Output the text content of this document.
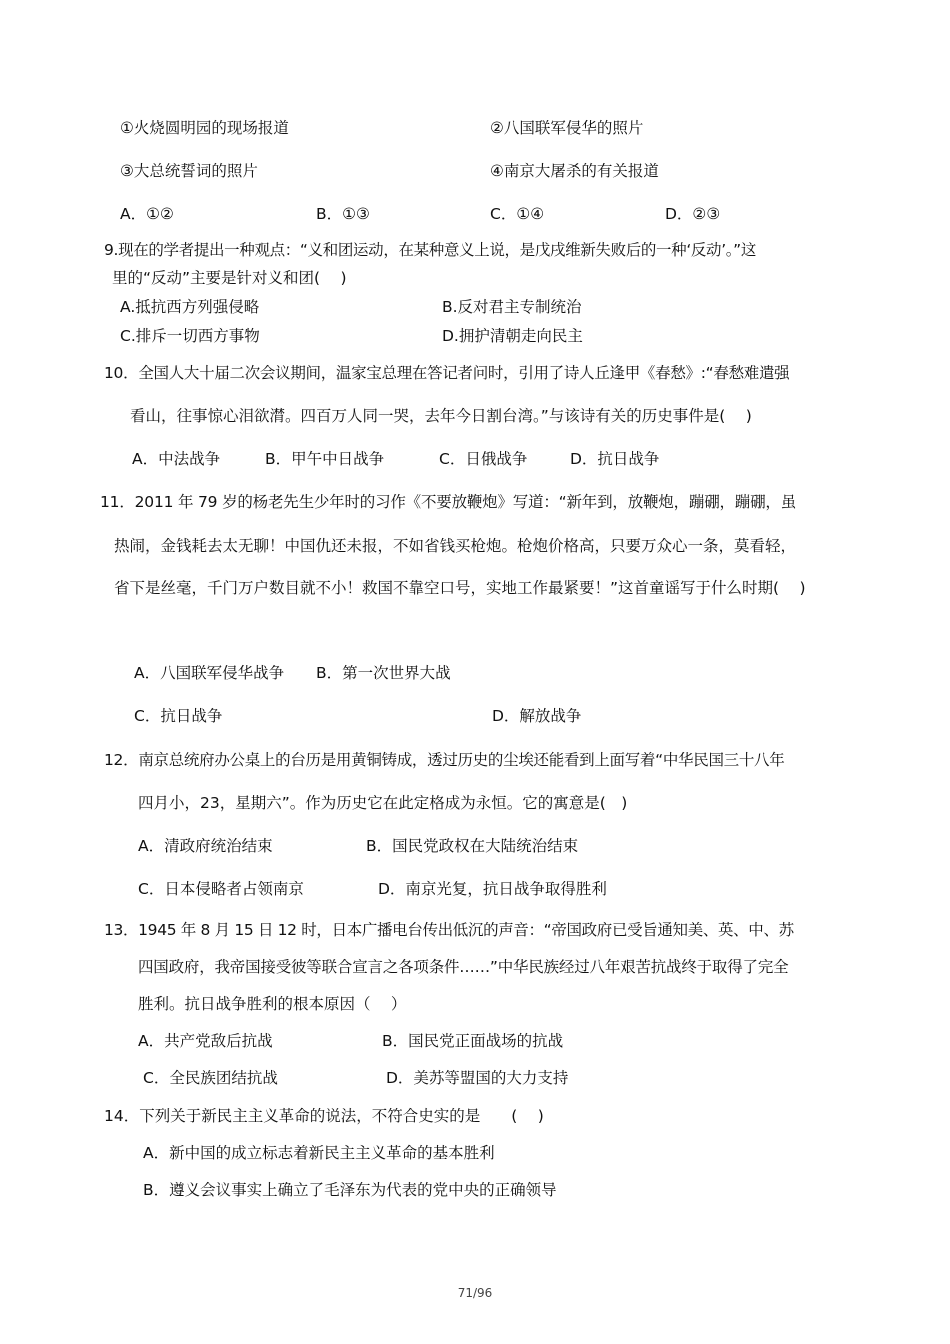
①火烧圆明园的现场报道	②八国联军侵华的照片
③大总统誓词的照片	④南京大屠杀的有关报道
A．①②	B．①③	C．①④	D．②③
9.现在的学者提出一种观点：“义和团运动，在某种意义上说，是戊戌维新失败后的一种‘反动’。”这
里的“反动”主要是针对义和团(　 )
A.抵抗西方列强侵略	B.反对君主专制统治
C.排斥一切西方事物	D.拥护清朝走向民主
10．全国人大十届二次会议期间，温家宝总理在答记者问时，引用了诗人丘逢甲《春愁》:“春愁难遣强
看山，往事惊心泪欲潸。四百万人同一哭，去年今日割台湾。”与该诗有关的历史事件是(　 )
A．中法战争	B．甲午中日战争	C．日俄战争	D．抗日战争
11．2011 年 79 岁的杨老先生少年时的习作《不要放鞭炮》写道：“新年到，放鞭炮，蹦硼，蹦硼，虽
热闹，金钱耗去太无聊！中国仇还未报，不如省钱买枪炮。枪炮价格高，只要万众心一条，莫看轻，
省下是丝毫，千门万户数目就不小！救国不靠空口号，实地工作最紧要！”这首童谣写于什么时期(　 )
A．八国联军侵华战争 B．第一次世界大战
C．抗日战争	D．解放战争
12．南京总统府办公桌上的台历是用黄铜铸成，透过历史的尘埃还能看到上面写着“中华民国三十八年
四月小，23，星期六”。作为历史它在此定格成为永恒。它的寓意是(　)
A．清政府统治结束	B．国民党政权在大陆统治结束
C．日本侵略者占领南京	D．南京光复，抗日战争取得胜利
13．1945 年 8 月 15 日 12 时，日本广播电台传出低沉的声音：“帝国政府已受旨通知美、英、中、苏
四国政府，我帝国接受彼等联合宣言之各项条件……”中华民族经过八年艰苦抗战终于取得了完全
胜利。抗日战争胜利的根本原因（　 ）
A．共产党敌后抗战	B．国民党正面战场的抗战
C．全民族团结抗战	D．美苏等盟国的大力支持
14．下列关于新民主主义革命的说法，不符合史实的是　　(　 )
A．新中国的成立标志着新民主主义革命的基本胜利
B．遵义会议事实上确立了毛泽东为代表的党中央的正确领导
71/96
